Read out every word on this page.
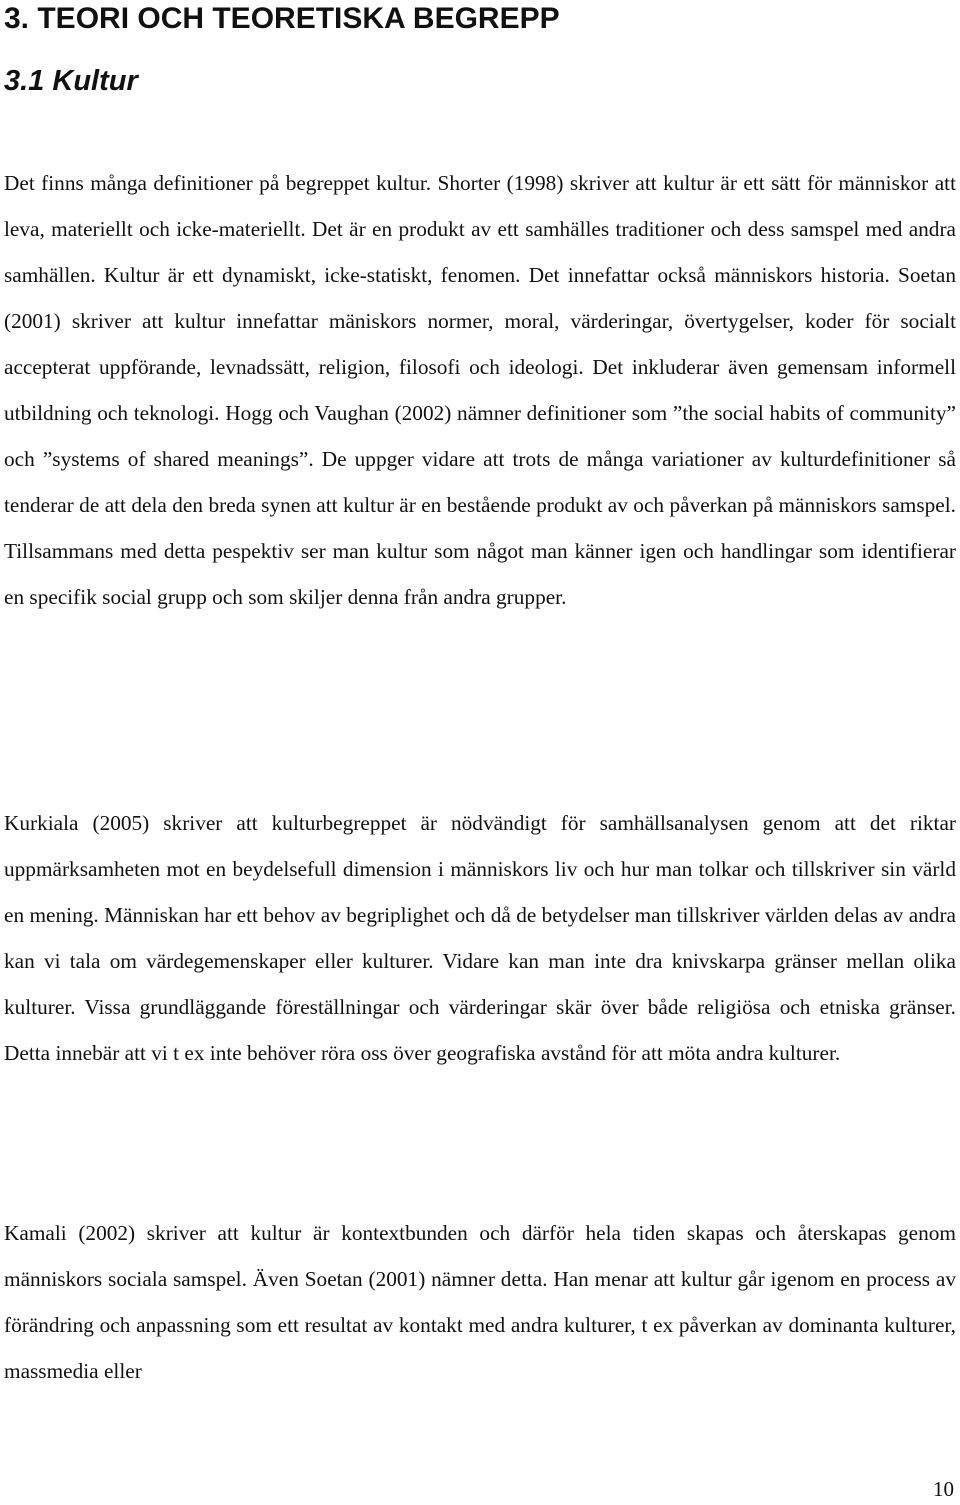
3. TEORI OCH TEORETISKA BEGREPP
3.1 Kultur

Det finns många definitioner på begreppet kultur. Shorter (1998) skriver att kultur är ett sätt för människor att leva, materiellt och icke-materiellt. Det är en produkt av ett samhälles traditioner och dess samspel med andra samhällen. Kultur är ett dynamiskt, icke-statiskt, fenomen. Det innefattar också människors historia. Soetan (2001) skriver att kultur innefattar mäniskors normer, moral, värderingar, övertygelser, koder för socialt accepterat uppförande, levnadssätt, religion, filosofi och ideologi. Det inkluderar även gemensam informell utbildning och teknologi. Hogg och Vaughan (2002) nämner definitioner som ”the social habits of community” och ”systems of shared meanings”. De uppger vidare att trots de många variationer av kulturdefinitioner så tenderar de att dela den breda synen att kultur är en bestående produkt av och påverkan på människors samspel. Tillsammans med detta pespektiv ser man kultur som något man känner igen och handlingar som identifierar en specifik social grupp och som skiljer denna från andra grupper.

Kurkiala (2005) skriver att kulturbegreppet är nödvändigt för samhällsanalysen genom att det riktar uppmärksamheten mot en beydelsefull dimension i människors liv och hur man tolkar och tillskriver sin värld en mening. Människan har ett behov av begriplighet och då de betydelser man tillskriver världen delas av andra kan vi tala om värdegemenskaper eller kulturer. Vidare kan man inte dra knivskarpa gränser mellan olika kulturer. Vissa grundläggande föreställningar och värderingar skär över både religiösa och etniska gränser. Detta innebär att vi t ex inte behöver röra oss över geografiska avstånd för att möta andra kulturer.

Kamali (2002) skriver att kultur är kontextbunden och därför hela tiden skapas och återskapas genom människors sociala samspel. Även Soetan (2001) nämner detta. Han menar att kultur går igenom en process av förändring och anpassning som ett resultat av kontakt med andra kulturer, t ex påverkan av dominanta kulturer, massmedia eller

10
